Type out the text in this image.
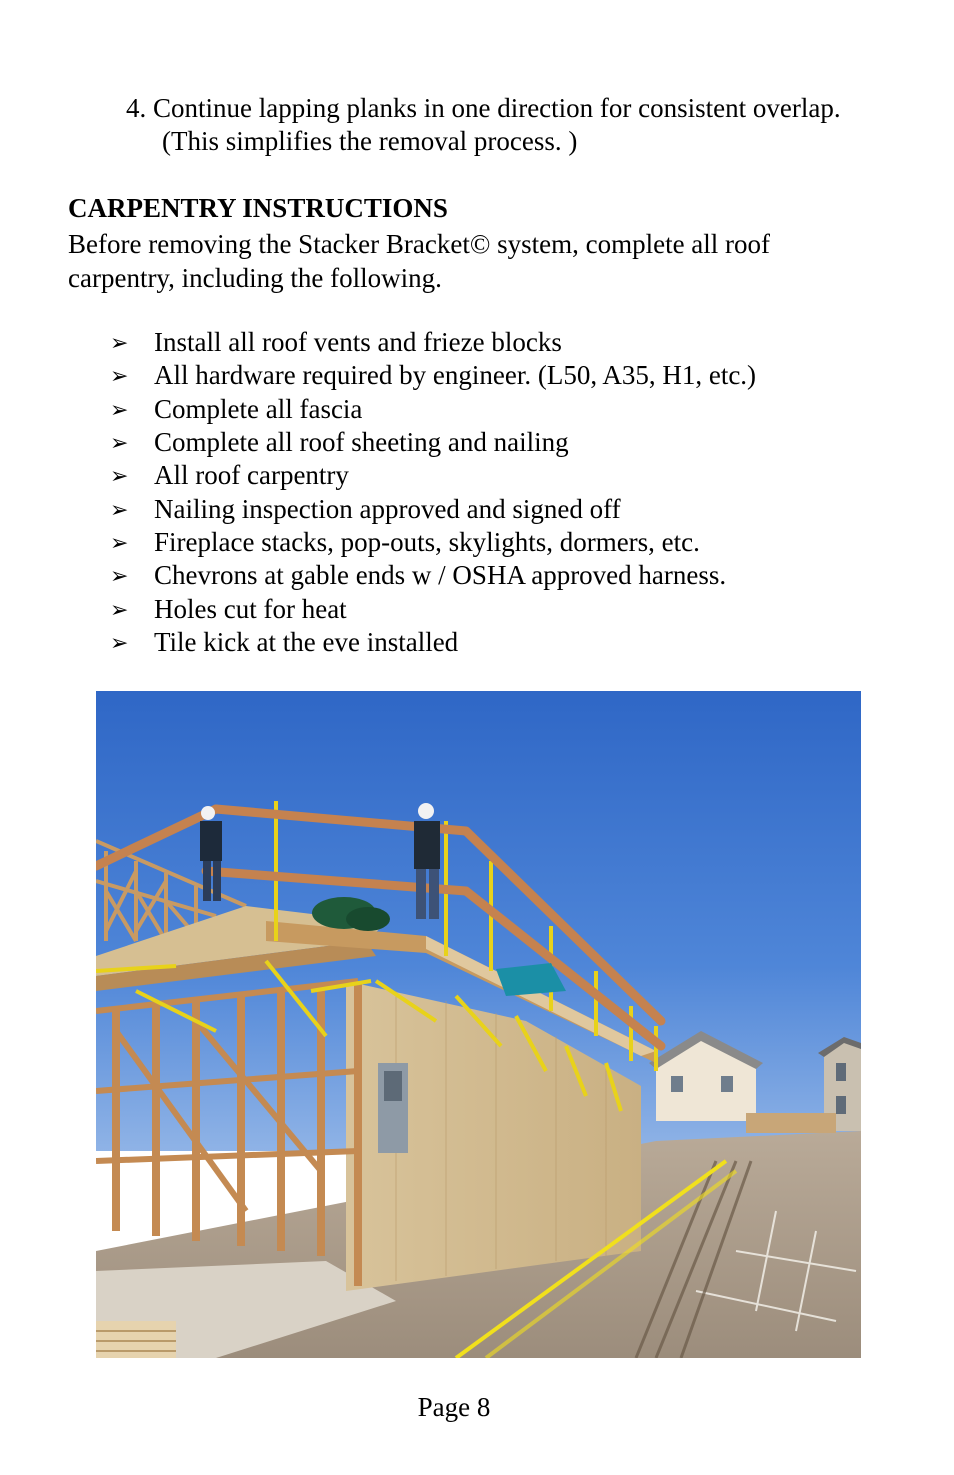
4. Continue lapping planks in one direction for consistent overlap.
(This simplifies the removal process. )
CARPENTRY INSTRUCTIONS
Before removing the Stacker Bracket© system, complete all roof carpentry, including the following.
➢ Install all roof vents and frieze blocks
➢ All hardware required by engineer. (L50, A35, H1, etc.)
➢ Complete all fascia
➢ Complete all roof sheeting and nailing
➢ All roof carpentry
➢ Nailing inspection approved and signed off
➢ Fireplace stacks, pop-outs, skylights, dormers, etc.
➢ Chevrons at gable ends w / OSHA approved harness.
➢ Holes cut for heat
➢ Tile kick at the eve installed
Page 8
